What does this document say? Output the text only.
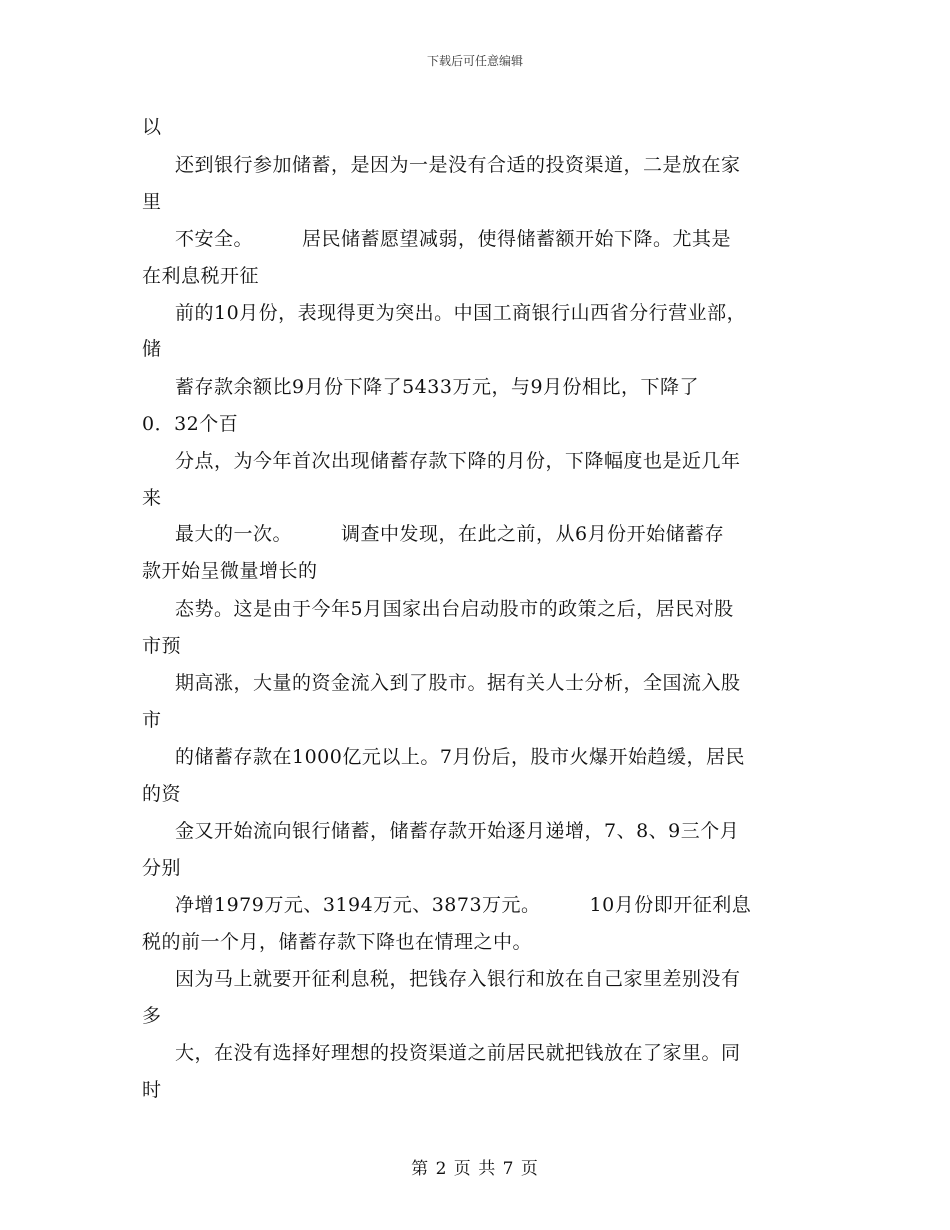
下载后可任意编辑
以
还到银行参加储蓄，是因为一是没有合适的投资渠道，二是放在家
里
不安全。　　　居民储蓄愿望减弱，使得储蓄额开始下降。尤其是
在利息税开征
前的10月份，表现得更为突出。中国工商银行山西省分行营业部，
储
蓄存款余额比9月份下降了5433万元，与9月份相比，下降了
0．32个百
分点，为今年首次出现储蓄存款下降的月份，下降幅度也是近几年
来
最大的一次。　　　调查中发现，在此之前，从6月份开始储蓄存
款开始呈微量增长的
态势。这是由于今年5月国家出台启动股市的政策之后，居民对股
市预
期高涨，大量的资金流入到了股市。据有关人士分析，全国流入股
市
的储蓄存款在1000亿元以上。7月份后，股市火爆开始趋缓，居民
的资
金又开始流向银行储蓄，储蓄存款开始逐月递增，7、8、9三个月
分别
净增1979万元、3194万元、3873万元。　　　10月份即开征利息
税的前一个月，储蓄存款下降也在情理之中。
因为马上就要开征利息税，把钱存入银行和放在自己家里差别没有
多
大，在没有选择好理想的投资渠道之前居民就把钱放在了家里。同
时
第 2 页 共 7 页
